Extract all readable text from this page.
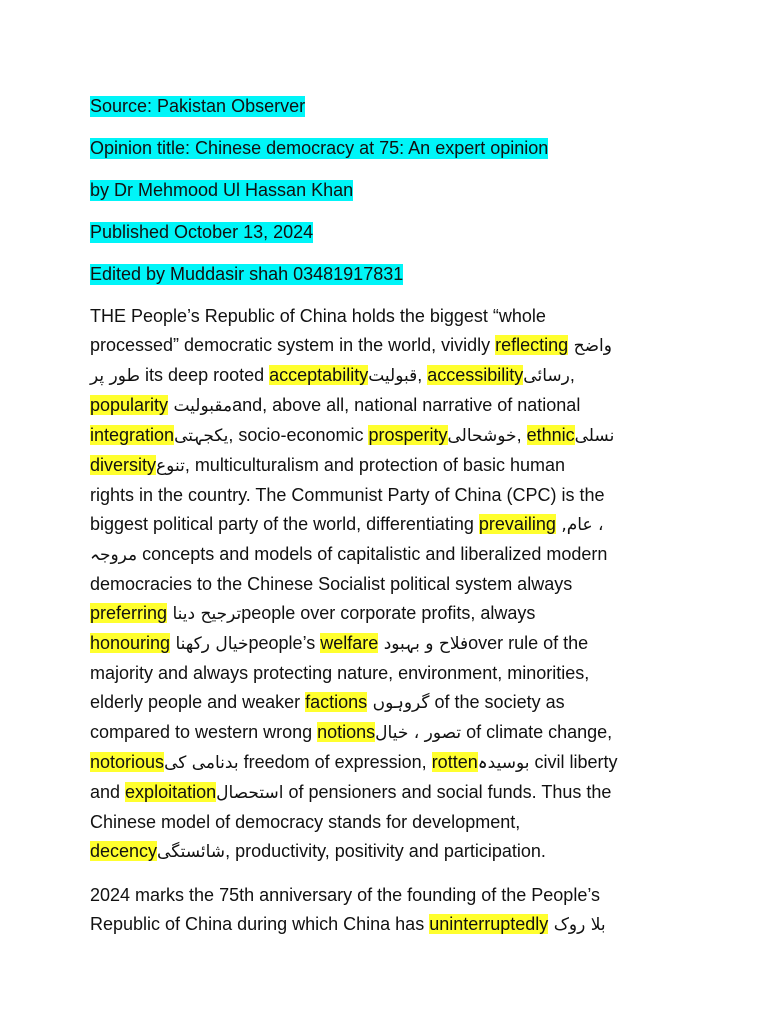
Source: Pakistan Observer
Opinion title: Chinese democracy at 75: An expert opinion
by Dr Mehmood Ul Hassan Khan
Published October 13, 2024
Edited by Muddasir shah 03481917831
THE People’s Republic of China holds the biggest “whole
processed” democratic system in the world, vividly reflecting واضح
طور پر its deep rooted acceptabilityقبولیت, accessibilityرسائی,
popularity مقبولیتand, above all, national narrative of national
integrationیکجہتی, socio-economic prosperityخوشحالی, ethnicنسلی
diversityتنوع, multiculturalism and protection of basic human
rights in the country. The Communist Party of China (CPC) is the
biggest political party of the world, differentiating prevailing ,عام ،
مروجہ concepts and models of capitalistic and liberalized modern
democracies to the Chinese Socialist political system always
preferring ترجیح دیناpeople over corporate profits, always
honouring خیال رکھناpeople’s welfare فلاح و بہبودover rule of the
majority and always protecting nature, environment, minorities,
elderly people and weaker factions گروہوں of the society as
compared to western wrong notionsتصور ، خیال of climate change,
notoriousبدنامی کی freedom of expression, rottenبوسیدہ civil liberty
and exploitationاستحصال of pensioners and social funds. Thus the
Chinese model of democracy stands for development,
decencyشائستگی, productivity, positivity and participation.
2024 marks the 75th anniversary of the founding of the People’s
Republic of China during which China has uninterruptedly بلا روک
